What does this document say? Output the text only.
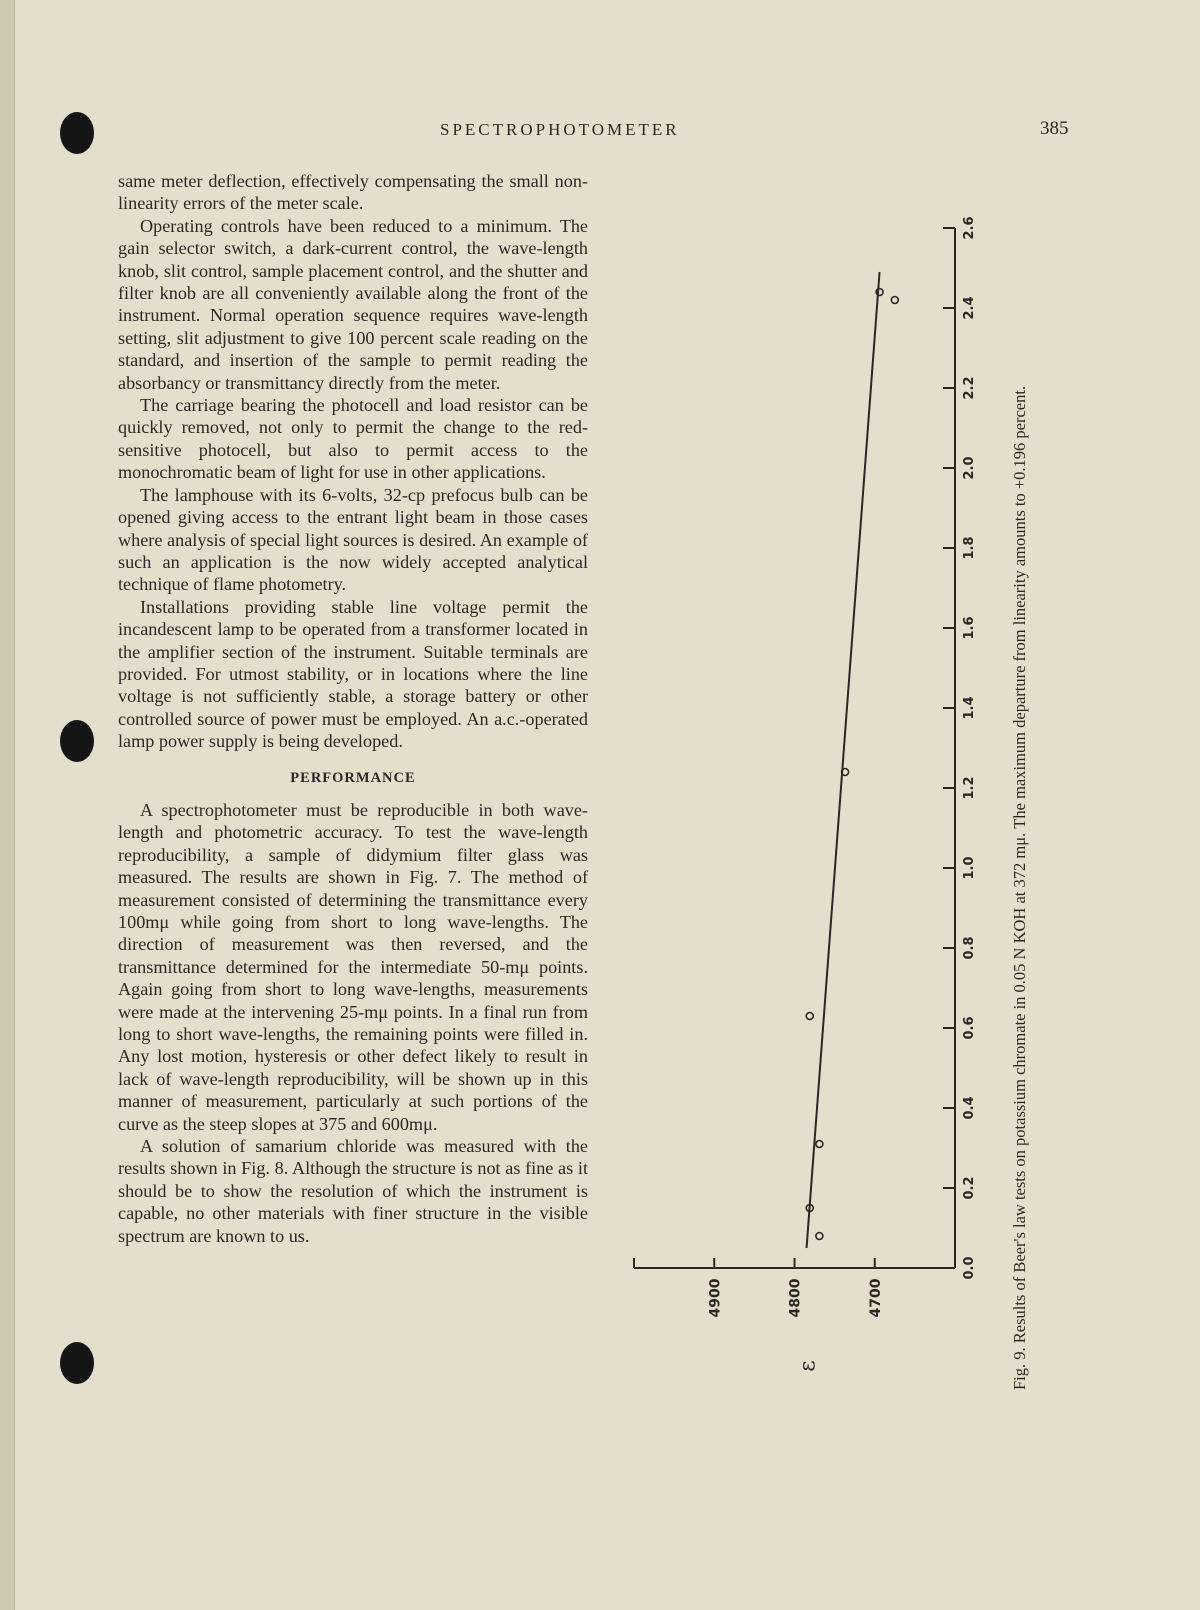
SPECTROPHOTOMETER	385

same meter deflection, effectively compensating the small non-linearity errors of the meter scale.

Operating controls have been reduced to a minimum. The gain selector switch, a dark-current control, the wave-length knob, slit control, sample placement control, and the shutter and filter knob are all conveniently available along the front of the instrument. Normal operation sequence requires wave-length setting, slit adjustment to give 100 percent scale reading on the standard, and insertion of the sample to permit reading the absorbancy or transmittancy directly from the meter.

The carriage bearing the photocell and load resistor can be quickly removed, not only to permit the change to the red-sensitive photocell, but also to permit access to the monochromatic beam of light for use in other applications.

The lamphouse with its 6-volts, 32-cp prefocus bulb can be opened giving access to the entrant light beam in those cases where analysis of special light sources is desired. An example of such an application is the now widely accepted analytical technique of flame photometry.

Installations providing stable line voltage permit the incandescent lamp to be operated from a transformer located in the amplifier section of the instrument. Suitable terminals are provided. For utmost stability, or in locations where the line voltage is not sufficiently stable, a storage battery or other controlled source of power must be employed. An a.c.-operated lamp power supply is being developed.

PERFORMANCE

A spectrophotometer must be reproducible in both wave-length and photometric accuracy. To test the wave-length reproducibility, a sample of didymium filter glass was measured. The results are shown in Fig. 7. The method of measurement consisted of determining the transmittance every 100mμ while going from short to long wave-lengths. The direction of measurement was then reversed, and the transmittance determined for the intermediate 50-mμ points. Again going from short to long wave-lengths, measurements were made at the intervening 25-mμ points. In a final run from long to short wave-lengths, the remaining points were filled in. Any lost motion, hysteresis or other defect likely to result in lack of wave-length reproducibility, will be shown up in this manner of measurement, particularly at such portions of the curve as the steep slopes at 375 and 600mμ.

A solution of samarium chloride was measured with the results shown in Fig. 8. Although the structure is not as fine as it should be to show the resolution of which the instrument is capable, no other materials with finer structure in the visible spectrum are known to us.

0.0
0.2
0.4
0.6
0.8
1.0
1.2
1.4
1.6
1.8
2.0
2.2
2.4
2.6
4900	4800	4700
ε	Fig. 9. Results of Beer's law tests on potassium chromate in 0.05 N KOH at 372 mμ. The maximum departure from linearity amounts to +0.196 percent.
